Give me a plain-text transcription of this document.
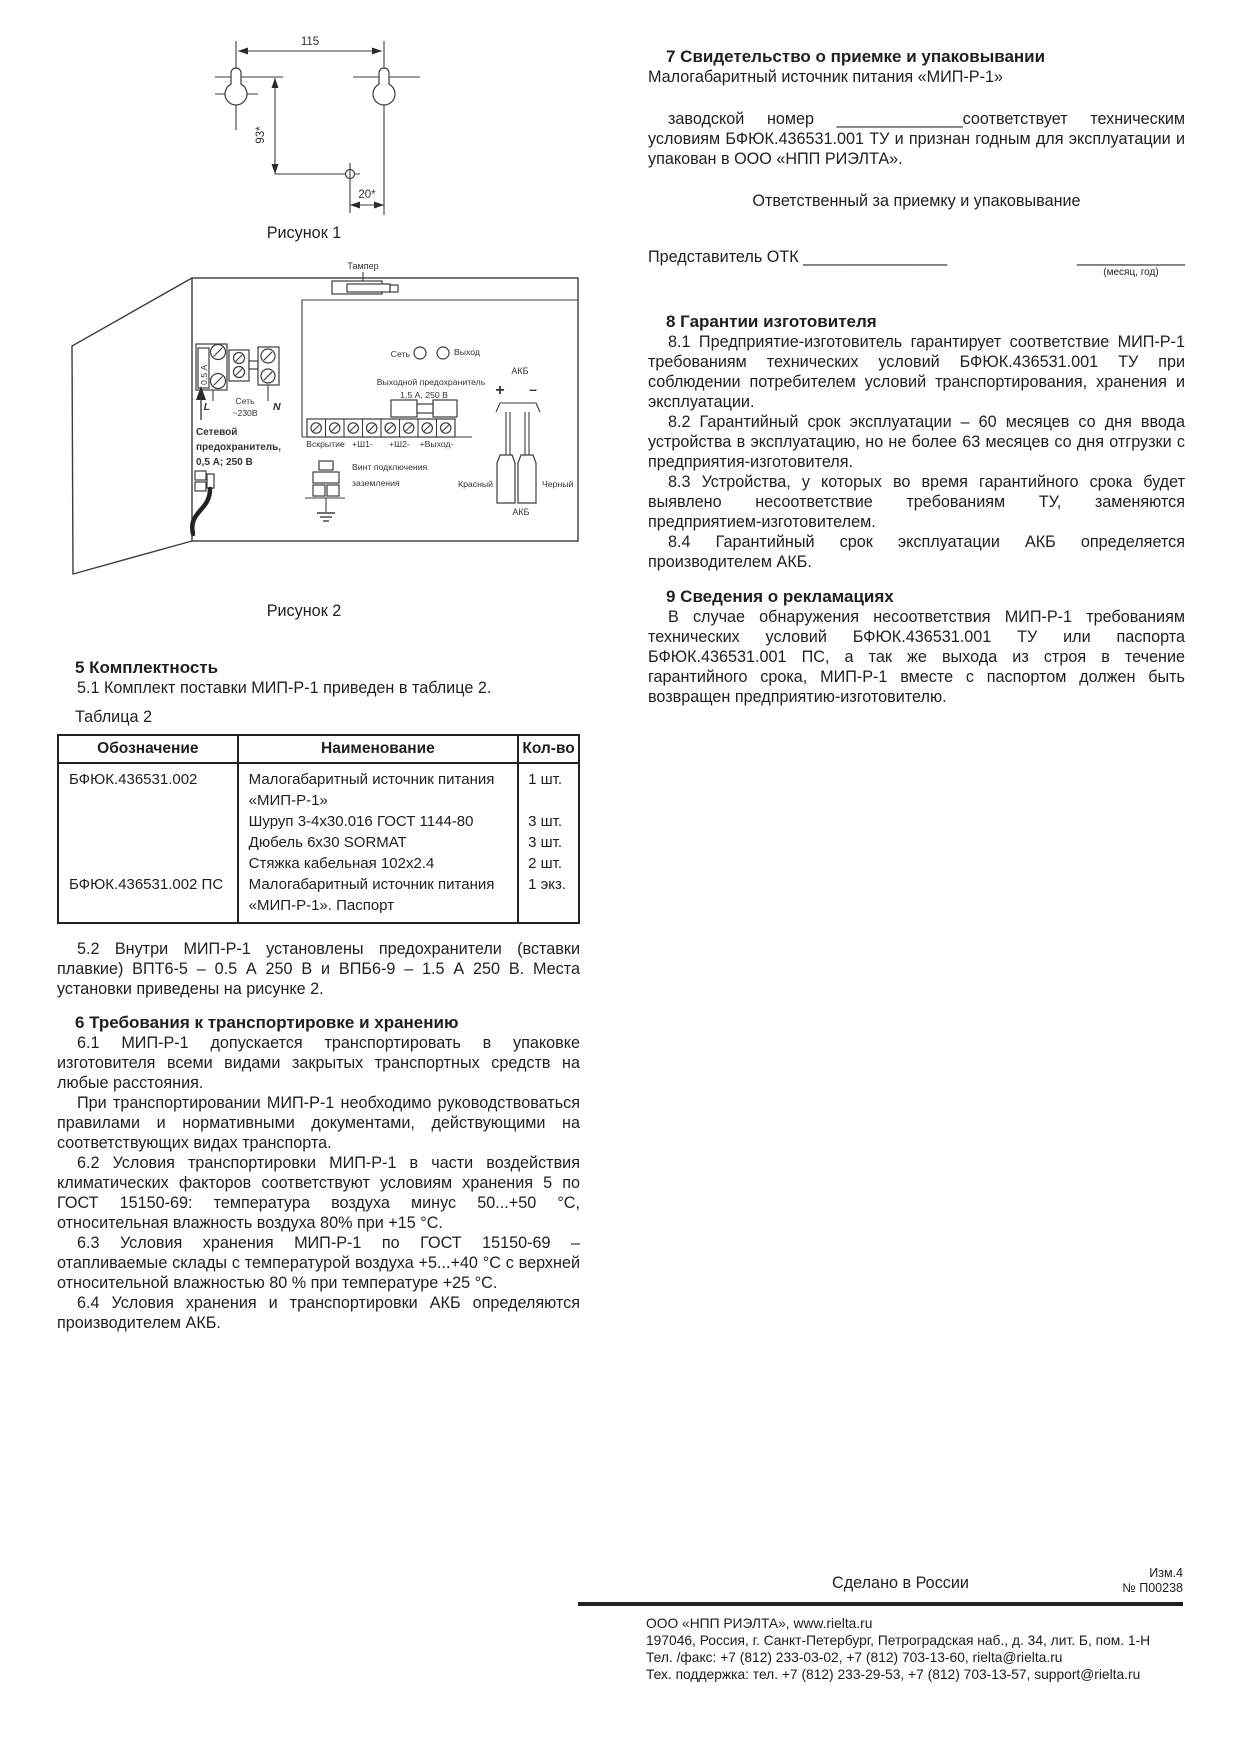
115
93*
20*
Рисунок 1
Тампер
Сеть	Выход
Выходной предохранитель
1,5 А, 250 В
Вскрытие +Ш1- +Ш2- +Выход-
0,5 А
L	Сеть
~230В N
Сетевой
предохранитель,
0,5 А; 250 В	Винт подключения
заземления
АКБ
+ –
Красный	Черный
АКБ
Рисунок 2
5 Комплектность

5.1 Комплект поставки МИП-Р-1 приведен в таблице 2.

Таблица 2
Обозначение	Наименование	Кол-во
БФЮК.436531.002	Малогабаритный источник питания «МИП-Р-1»	1 шт.
	Шуруп 3-4х30.016 ГОСТ 1144-80	3 шт.
	Дюбель 6х30 SORMAT	3 шт.
	Стяжка кабельная 102х2.4	2 шт.
БФЮК.436531.002 ПС	Малогабаритный источник питания «МИП-Р-1». Паспорт	1 экз.

5.2 Внутри МИП-Р-1 установлены предохранители (вставки плавкие) ВПТ6-5 – 0.5 А 250 В и ВПБ6-9 – 1.5 А 250 В. Места установки приведены на рисунке 2.

6 Требования к транспортировке и хранению

6.1 МИП-Р-1 допускается транспортировать в упаковке изготовителя всеми видами закрытых транспортных средств на любые расстояния.

При транспортировании МИП-Р-1 необходимо руководствоваться правилами и нормативными документами, действующими на соответствующих видах транспорта.

6.2 Условия транспортировки МИП-Р-1 в части воздействия климатических факторов соответствуют условиям хранения 5 по ГОСТ 15150-69: температура воздуха минус 50...+50 °С, относительная влажность воздуха 80% при +15 °С.

6.3 Условия хранения МИП-Р-1 по ГОСТ 15150-69 – отапливаемые склады с температурой воздуха +5...+40 °С с верхней относительной влажностью 80 % при температуре +25 °С.

6.4 Условия хранения и транспортировки АКБ определяются производителем АКБ.

7 Свидетельство о приемке и упаковывании

Малогабаритный источник питания «МИП-Р-1»

заводской номер ______________соответствует техническим условиям БФЮК.436531.001 ТУ и признан годным для эксплуатации и упакован в ООО «НПП РИЭЛТА».

Ответственный за приемку и упаковывание

Представитель ОТК ________________	____________
(месяц, год)
8 Гарантии изготовителя

8.1 Предприятие-изготовитель гарантирует соответствие МИП-Р-1 требованиям технических условий БФЮК.436531.001 ТУ при соблюдении потребителем условий транспортирования, хранения и эксплуатации.

8.2 Гарантийный срок эксплуатации – 60 месяцев со дня ввода устройства в эксплуатацию, но не более 63 месяцев со дня отгрузки с предприятия-изготовителя.

8.3 Устройства, у которых во время гарантийного срока будет выявлено несоответствие требованиям ТУ, заменяются предприятием-изготовителем.

8.4 Гарантийный срок эксплуатации АКБ определяется производителем АКБ.

9 Сведения о рекламациях

В случае обнаружения несоответствия МИП-Р-1 требованиям технических условий БФЮК.436531.001 ТУ или паспорта БФЮК.436531.001 ПС, а так же выхода из строя в течение гарантийного срока, МИП-Р-1 вместе с паспортом должен быть возвращен предприятию-изготовителю.

Сделано в России
Изм.4
№ П00238
ООО «НПП РИЭЛТА», www.rielta.ru
197046, Россия, г. Санкт-Петербург, Петроградская наб., д. 34, лит. Б, пом. 1-Н
Тел. /факс: +7 (812) 233-03-02, +7 (812) 703-13-60, rielta@rielta.ru
Тех. поддержка: тел. +7 (812) 233-29-53, +7 (812) 703-13-57, support@rielta.ru
